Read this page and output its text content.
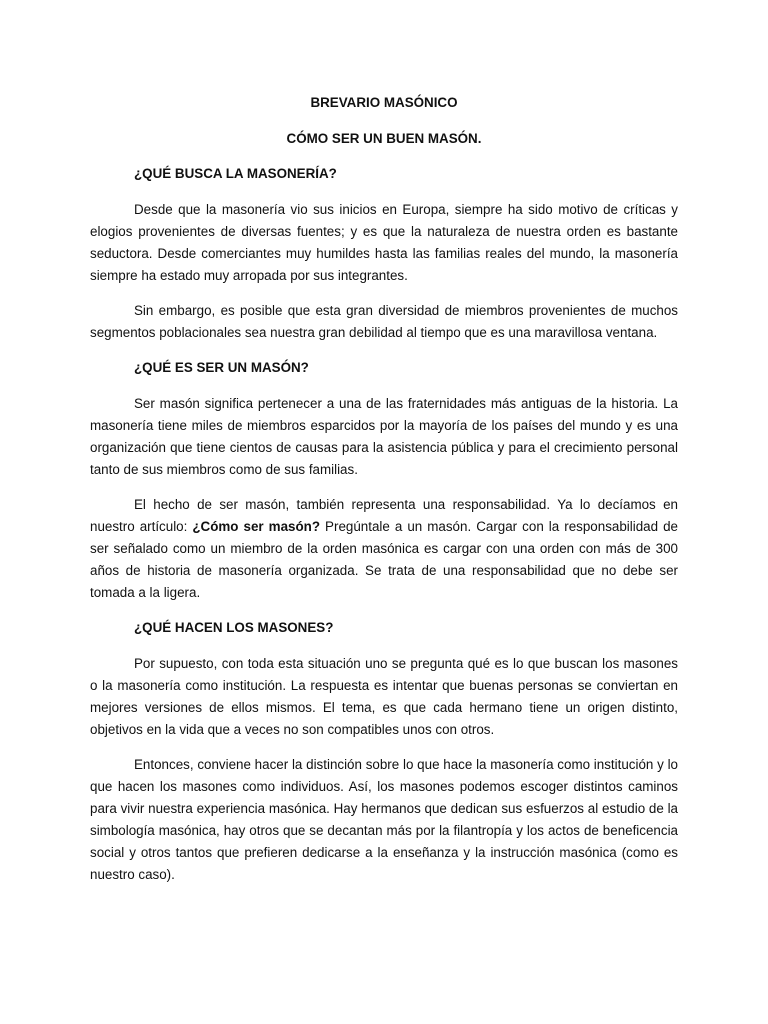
BREVARIO MASÓNICO
CÓMO SER UN BUEN MASÓN.
¿QUÉ BUSCA LA MASONERÍA?

Desde que la masonería vio sus inicios en Europa, siempre ha sido motivo de críticas y elogios provenientes de diversas fuentes; y es que la naturaleza de nuestra orden es bastante seductora. Desde comerciantes muy humildes hasta las familias reales del mundo, la masonería siempre ha estado muy arropada por sus integrantes.

Sin embargo, es posible que esta gran diversidad de miembros provenientes de muchos segmentos poblacionales sea nuestra gran debilidad al tiempo que es una maravillosa ventana.

¿QUÉ ES SER UN MASÓN?

Ser masón significa pertenecer a una de las fraternidades más antiguas de la historia. La masonería tiene miles de miembros esparcidos por la mayoría de los países del mundo y es una organización que tiene cientos de causas para la asistencia pública y para el crecimiento personal tanto de sus miembros como de sus familias.

El hecho de ser masón, también representa una responsabilidad. Ya lo decíamos en nuestro artículo: ¿Cómo ser masón? Pregúntale a un masón. Cargar con la responsabilidad de ser señalado como un miembro de la orden masónica es cargar con una orden con más de 300 años de historia de masonería organizada. Se trata de una responsabilidad que no debe ser tomada a la ligera.

¿QUÉ HACEN LOS MASONES?

Por supuesto, con toda esta situación uno se pregunta qué es lo que buscan los masones o la masonería como institución. La respuesta es intentar que buenas personas se conviertan en mejores versiones de ellos mismos. El tema, es que cada hermano tiene un origen distinto, objetivos en la vida que a veces no son compatibles unos con otros.

Entonces, conviene hacer la distinción sobre lo que hace la masonería como institución y lo que hacen los masones como individuos. Así, los masones podemos escoger distintos caminos para vivir nuestra experiencia masónica. Hay hermanos que dedican sus esfuerzos al estudio de la simbología masónica, hay otros que se decantan más por la filantropía y los actos de beneficencia social y otros tantos que prefieren dedicarse a la enseñanza y la instrucción masónica (como es nuestro caso).
